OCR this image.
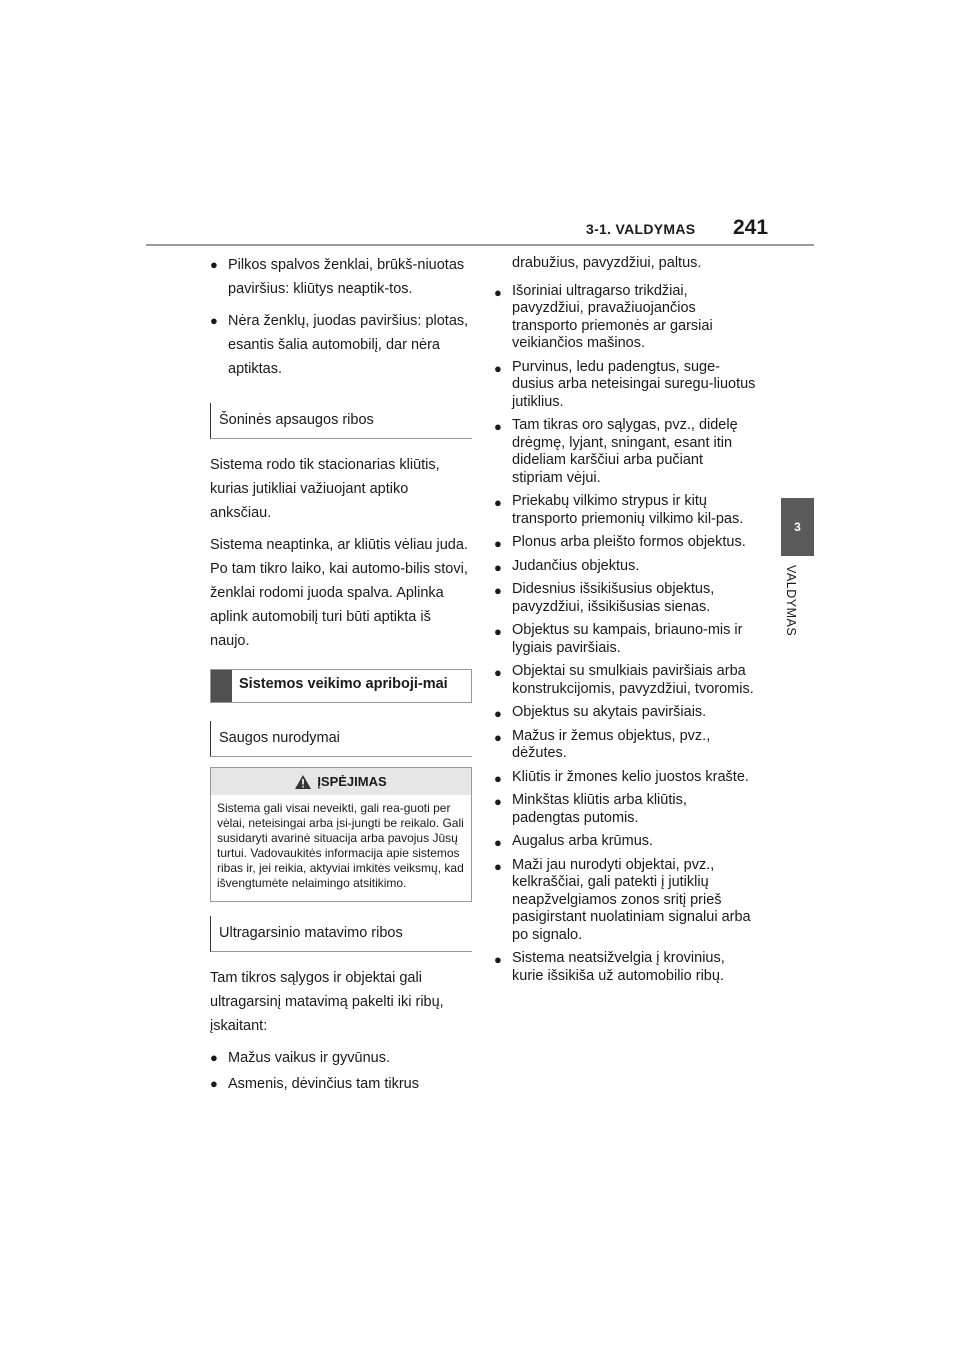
3-1. VALDYMAS 241
3
VALDYMAS
● Pilkos spalvos ženklai, brūkš-niuotas paviršius: kliūtys neaptik-tos.
● Nėra ženklų, juodas paviršius: plotas, esantis šalia automobilį, dar nėra aptiktas.
Šoninės apsaugos ribos

Sistema rodo tik stacionarias kliūtis, kurias jutikliai važiuojant aptiko anksčiau.

Sistema neaptinka, ar kliūtis vėliau juda. Po tam tikro laiko, kai automo-bilis stovi, ženklai rodomi juoda spalva. Aplinka aplink automobilį turi būti aptikta iš naujo.

Sistemos veikimo apriboji-mai
Saugos nurodymai
ĮSPĖJIMAS
Sistema gali visai neveikti, gali rea-guoti per vėlai, neteisingai arba įsi-jungti be reikalo. Gali susidaryti avarinė situacija arba pavojus Jūsų turtui. Vadovaukitės informacija apie sistemos ribas ir, jei reikia, aktyviai imkitės veiksmų, kad išvengtumėte nelaimingo atsitikimo.
Ultragarsinio matavimo ribos

Tam tikros sąlygos ir objektai gali ultragarsinį matavimą pakelti iki ribų, įskaitant:

● Mažus vaikus ir gyvūnus.
● Asmenis, dėvinčius tam tikrus
drabužius, pavyzdžiui, paltus.
● Išoriniai ultragarso trikdžiai, pavyzdžiui, pravažiuojančios transporto priemonės ar garsiai veikiančios mašinos.
● Purvinus, ledu padengtus, suge-dusius arba neteisingai suregu-liuotus jutiklius.
● Tam tikras oro sąlygas, pvz., didelę drėgmę, lyjant, sningant, esant itin dideliam karščiui arba pučiant stipriam vėjui.
● Priekabų vilkimo strypus ir kitų transporto priemonių vilkimo kil-pas.
● Plonus arba pleišto formos objektus.
● Judančius objektus.
● Didesnius išsikišusius objektus, pavyzdžiui, išsikišusias sienas.
● Objektus su kampais, briauno-mis ir lygiais paviršiais.
● Objektai su smulkiais paviršiais arba konstrukcijomis, pavyzdžiui, tvoromis.
● Objektus su akytais paviršiais.
● Mažus ir žemus objektus, pvz., dėžutes.
● Kliūtis ir žmones kelio juostos krašte.
● Minkštas kliūtis arba kliūtis, padengtas putomis.
● Augalus arba krūmus.
● Maži jau nurodyti objektai, pvz., kelkraščiai, gali patekti į jutiklių neapžvelgiamos zonos sritį prieš pasigirstant nuolatiniam signalui arba po signalo.
● Sistema neatsižvelgia į krovinius, kurie išsikiša už automobilio ribų.
